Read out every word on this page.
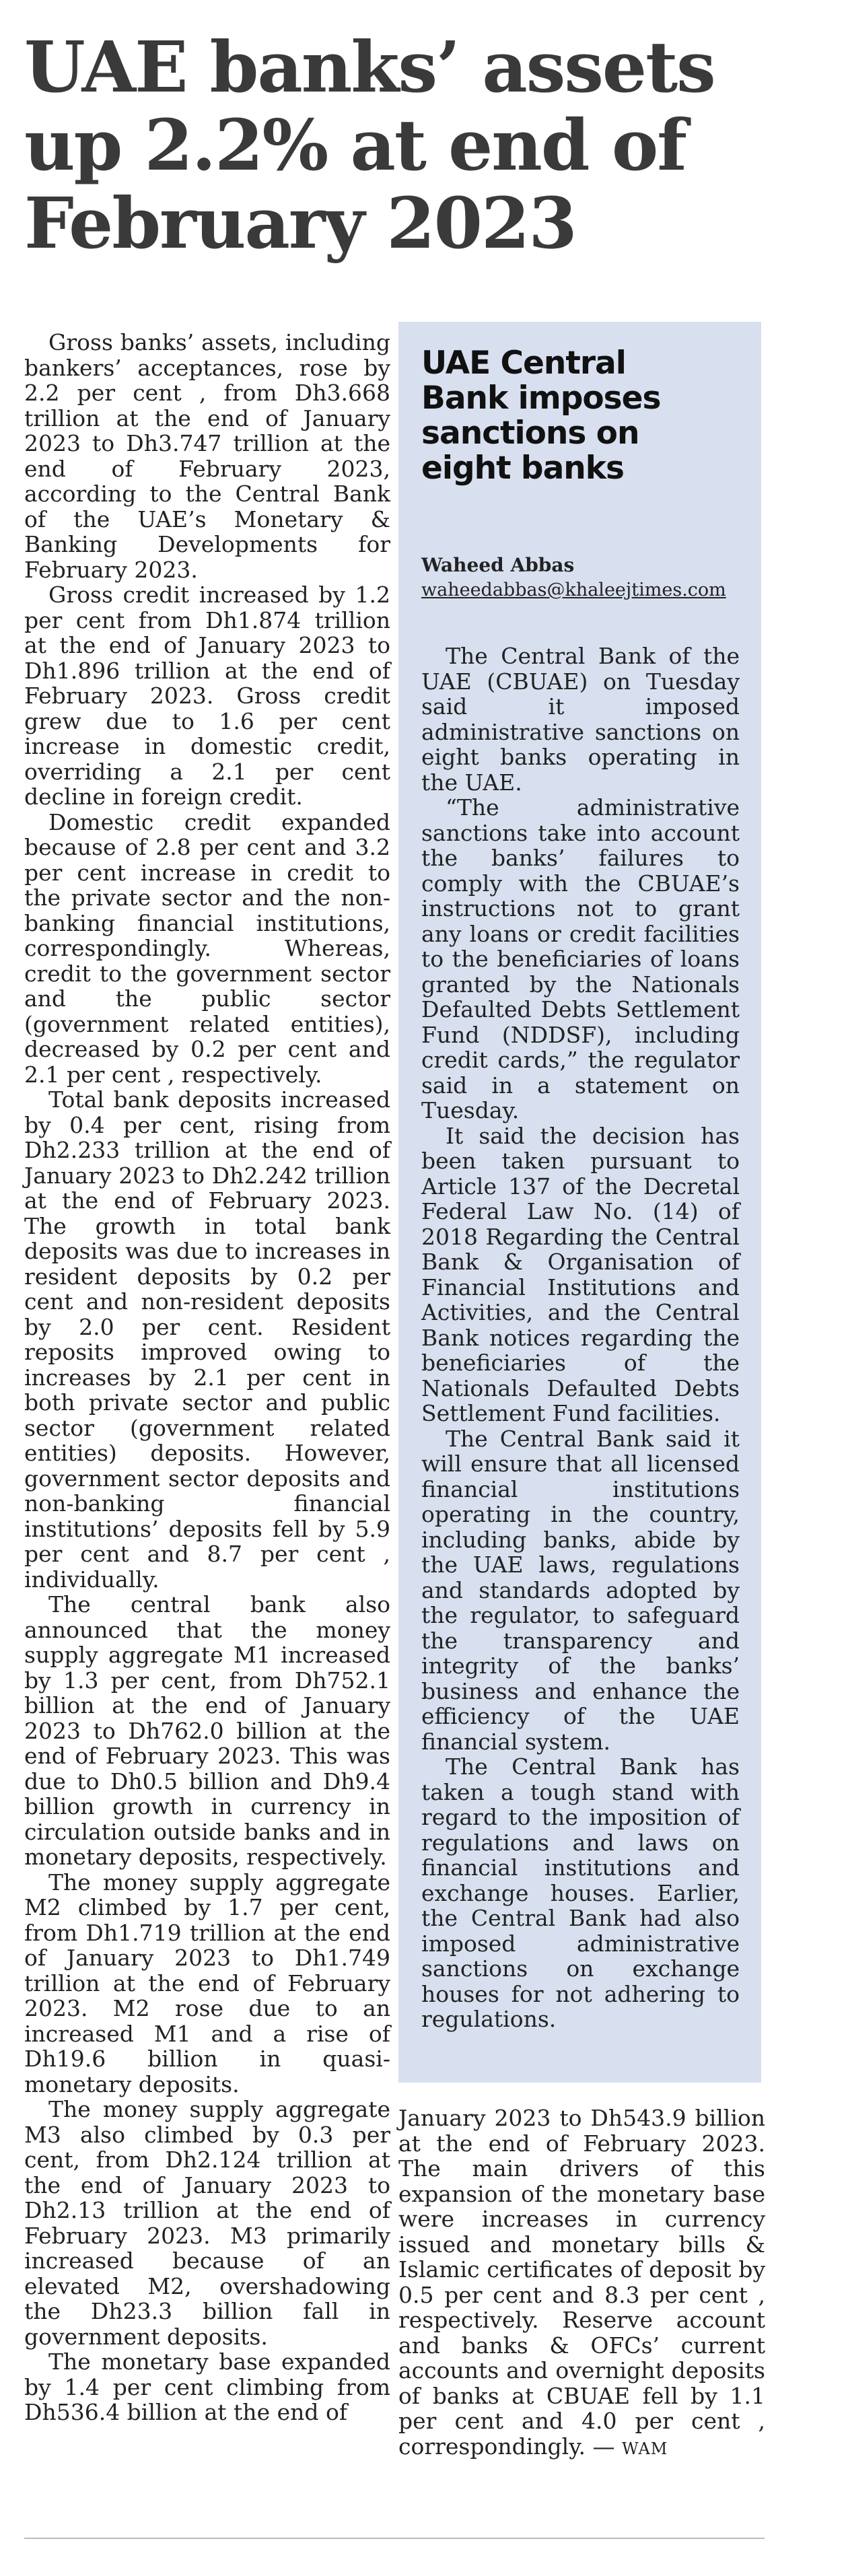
UAE banks’ assets
up 2.2% at end of
February 2023

Gross banks’ assets, including bankers’ acceptances, rose by 2.2 per cent , from Dh3.668 trillion at the end of January 2023 to Dh3.747 trillion at the end of February 2023, according to the Central Bank of the UAE’s Monetary & Banking Developments for February 2023.

Gross credit increased by 1.2 per cent from Dh1.874 trillion at the end of January 2023 to Dh1.896 trillion at the end of February 2023. Gross credit grew due to 1.6 per cent increase in domestic credit, overriding a 2.1 per cent decline in foreign credit.

Domestic credit expanded because of 2.8 per cent and 3.2 per cent increase in credit to the private sector and the non-banking financial institutions, correspondingly. Whereas, credit to the government sector and the public sector (government related entities), decreased by 0.2 per cent and 2.1 per cent , respectively.

Total bank deposits increased by 0.4 per cent, rising from Dh2.233 trillion at the end of January 2023 to Dh2.242 trillion at the end of February 2023. The growth in total bank deposits was due to increases in resident deposits by 0.2 per cent and non-resident deposits by 2.0 per cent. Resident reposits improved owing to increases by 2.1 per cent in both private sector and public sector (government related entities) deposits. However, government sector deposits and non-banking financial institutions’ deposits fell by 5.9 per cent and 8.7 per cent , individually.

The central bank also announced that the money supply aggregate M1 increased by 1.3 per cent, from Dh752.1 billion at the end of January 2023 to Dh762.0 billion at the end of February 2023. This was due to Dh0.5 billion and Dh9.4 billion growth in currency in circulation outside banks and in monetary deposits, respectively.

The money supply aggregate M2 climbed by 1.7 per cent, from Dh1.719 trillion at the end of January 2023 to Dh1.749 trillion at the end of February 2023. M2 rose due to an increased M1 and a rise of Dh19.6 billion in quasi-monetary deposits.

The money supply aggregate M3 also climbed by 0.3 per cent, from Dh2.124 trillion at the end of January 2023 to Dh2.13 trillion at the end of February 2023. M3 primarily increased because of an elevated M2, overshadowing the Dh23.3 billion fall in government deposits.

The monetary base expanded by 1.4 per cent climbing from Dh536.4 billion at the end of

UAE Central
Bank imposes
sanctions on
eight banks
Waheed Abbas
waheedabbas@khaleejtimes.com

The Central Bank of the UAE (CBUAE) on Tuesday said it imposed administrative sanctions on eight banks operating in the UAE.

“The administrative sanctions take into account the banks’ failures to comply with the CBUAE’s instructions not to grant any loans or credit facilities to the beneficiaries of loans granted by the Nationals Defaulted Debts Settlement Fund (NDDSF), including credit cards,” the regulator said in a statement on Tuesday.

It said the decision has been taken pursuant to Article 137 of the Decretal Federal Law No. (14) of 2018 Regarding the Central Bank & Organisation of Financial Institutions and Activities, and the Central Bank notices regarding the beneficiaries of the Nationals Defaulted Debts Settlement Fund facilities.

The Central Bank said it will ensure that all licensed financial institutions operating in the country, including banks, abide by the UAE laws, regulations and standards adopted by the regulator, to safeguard the transparency and integrity of the banks’ business and enhance the efficiency of the UAE financial system.

The Central Bank has taken a tough stand with regard to the imposition of regulations and laws on financial institutions and exchange houses. Earlier, the Central Bank had also imposed administrative sanctions on exchange houses for not adhering to regulations.

January 2023 to Dh543.9 billion at the end of February 2023. The main drivers of this expansion of the monetary base were increases in currency issued and monetary bills & Islamic certificates of deposit by 0.5 per cent and 8.3 per cent , respectively. Reserve account and banks & OFCs’ current accounts and overnight deposits of banks at CBUAE fell by 1.1 per cent and 4.0 per cent , correspondingly. — WAM
